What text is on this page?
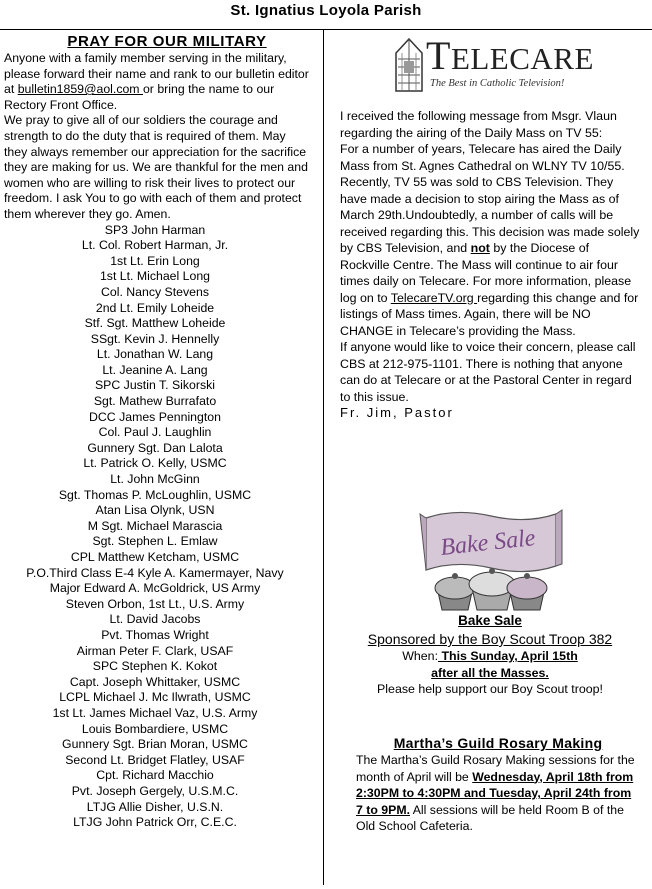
St. Ignatius Loyola Parish
PRAY FOR OUR MILITARY

Anyone with a family member serving in the military, please forward their name and rank to our bulletin editor at bulletin1859@aol.com or bring the name to our Rectory Front Office.

We pray to give all of our soldiers the courage and strength to do the duty that is required of them. May they always remember our appreciation for the sacrifice they are making for us. We are thankful for the men and women who are willing to risk their lives to protect our freedom. I ask You to go with each of them and protect them wherever they go. Amen.

SP3 John Harman
Lt. Col. Robert Harman, Jr.
1st Lt. Erin Long
1st Lt. Michael Long
Col. Nancy Stevens
2nd Lt. Emily Loheide
Stf. Sgt. Matthew Loheide
SSgt. Kevin J. Hennelly
Lt. Jonathan W. Lang
Lt. Jeanine A. Lang
SPC Justin T. Sikorski
Sgt. Mathew Burrafato
DCC James Pennington
Col. Paul J. Laughlin
Gunnery Sgt. Dan Lalota
Lt. Patrick O. Kelly, USMC
Lt. John McGinn
Sgt. Thomas P. McLoughlin, USMC
Atan Lisa Olynk, USN
M Sgt. Michael Marascia
Sgt. Stephen L. Emlaw
CPL Matthew Ketcham, USMC
P.O.Third Class E-4 Kyle A. Kamermayer, Navy
Major Edward A. McGoldrick, US Army
Steven Orbon, 1st Lt., U.S. Army
Lt. David Jacobs
Pvt. Thomas Wright
Airman Peter F. Clark, USAF
SPC Stephen K. Kokot
Capt. Joseph Whittaker, USMC
LCPL Michael J. Mc Ilwrath, USMC
1st Lt. James Michael Vaz, U.S. Army
Louis Bombardiere, USMC
Gunnery Sgt. Brian Moran, USMC
Second Lt. Bridget Flatley, USAF
Cpt. Richard Macchio
Pvt. Joseph Gergely, U.S.M.C.
LTJG Allie Disher, U.S.N.
LTJG John Patrick Orr, C.E.C.
TELECARE
The Best in Catholic Television!

I received the following message from Msgr. Vlaun regarding the airing of the Daily Mass on TV 55:

For a number of years, Telecare has aired the Daily Mass from St. Agnes Cathedral on WLNY TV 10/55. Recently, TV 55 was sold to CBS Television. They have made a decision to stop airing the Mass as of March 29th.Undoubtedly, a number of calls will be received regarding this. This decision was made solely by CBS Television, and not by the Diocese of Rockville Centre. The Mass will continue to air four times daily on Telecare. For more information, please log on to TelecareTV.org regarding this change and for listings of Mass times. Again, there will be NO CHANGE in Telecare’s providing the Mass.

If anyone would like to voice their concern, please call CBS at 212-975-1101. There is nothing that anyone can do at Telecare or at the Pastoral Center in regard to this issue.

Fr. Jim, Pastor

Bake Sale
Bake Sale
Sponsored by the Boy Scout Troop 382
When: This Sunday, April 15th
after all the Masses.
Please help support our Boy Scout troop!
Martha’s Guild Rosary Making

The Martha’s Guild Rosary Making sessions for the month of April will be Wednesday, April 18th from 2:30PM to 4:30PM and Tuesday, April 24th from 7 to 9PM. All sessions will be held Room B of the Old School Cafeteria.
